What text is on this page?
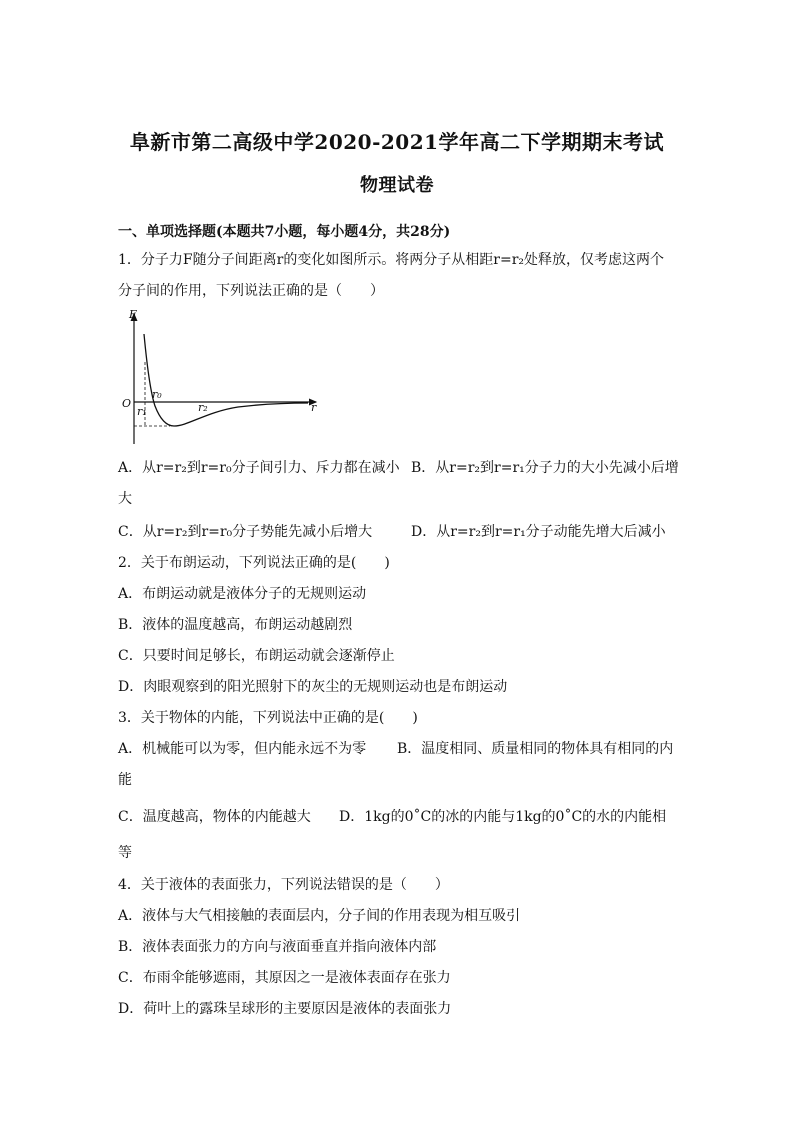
阜新市第二高级中学2020-2021学年高二下学期期末考试
物理试卷
一、单项选择题(本题共7小题，每小题4分，共28分)
1．分子力F随分子间距离r的变化如图所示。将两分子从相距r=r₂处释放，仅考虑这两个
分子间的作用，下列说法正确的是（　　）
F
r
O
r₀
r₁	r₂
A．从r=r₂到r=r₀分子间引力、斥力都在减小 B．从r=r₂到r=r₁分子力的大小先减小后增
大
C．从r=r₂到r=r₀分子势能先减小后增大	D．从r=r₂到r=r₁分子动能先增大后减小
2．关于布朗运动，下列说法正确的是(　　)
A．布朗运动就是液体分子的无规则运动
B．液体的温度越高，布朗运动越剧烈
C．只要时间足够长，布朗运动就会逐渐停止
D．肉眼观察到的阳光照射下的灰尘的无规则运动也是布朗运动
3．关于物体的内能，下列说法中正确的是(　　)
A．机械能可以为零，但内能永远不为零 B．温度相同、质量相同的物体具有相同的内
能
C．温度越高，物体的内能越大 D．1kg的0˚C的冰的内能与1kg的0˚C的水的内能相
等
4．关于液体的表面张力，下列说法错误的是（　　）
A．液体与大气相接触的表面层内，分子间的作用表现为相互吸引
B．液体表面张力的方向与液面垂直并指向液体内部
C．布雨伞能够遮雨，其原因之一是液体表面存在张力
D．荷叶上的露珠呈球形的主要原因是液体的表面张力
